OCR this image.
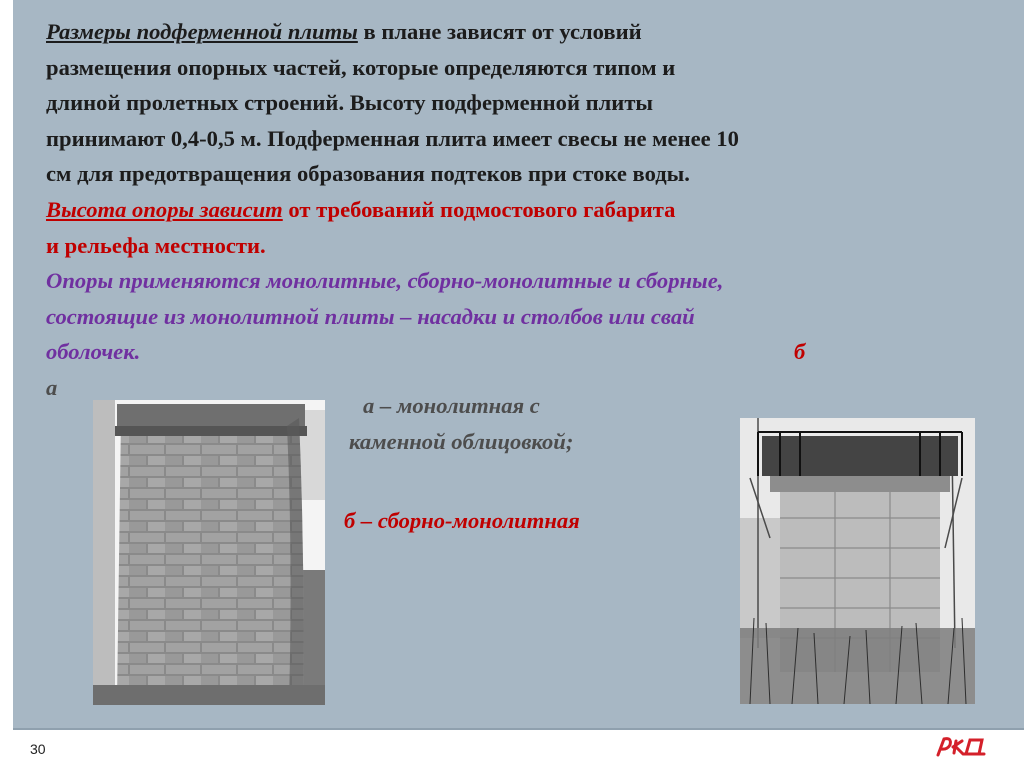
Размеры подферменной плиты в плане зависят от условий
размещения опорных частей, которые определяются типом и
длиной пролетных строений. Высоту подферменной плиты
принимают 0,4-0,5 м. Подферменная плита имеет свесы не менее 10
см для предотвращения образования подтеков при стоке воды.
Высота опоры зависит от требований подмостового габарита
и рельефа местности.
Опоры применяются монолитные, сборно-монолитные и сборные,
состоящие из монолитной плиты – насадки и столбов или свай
оболочек.	б
а
а – монолитная с
каменной облицовкой;
б – сборно-монолитная
30
